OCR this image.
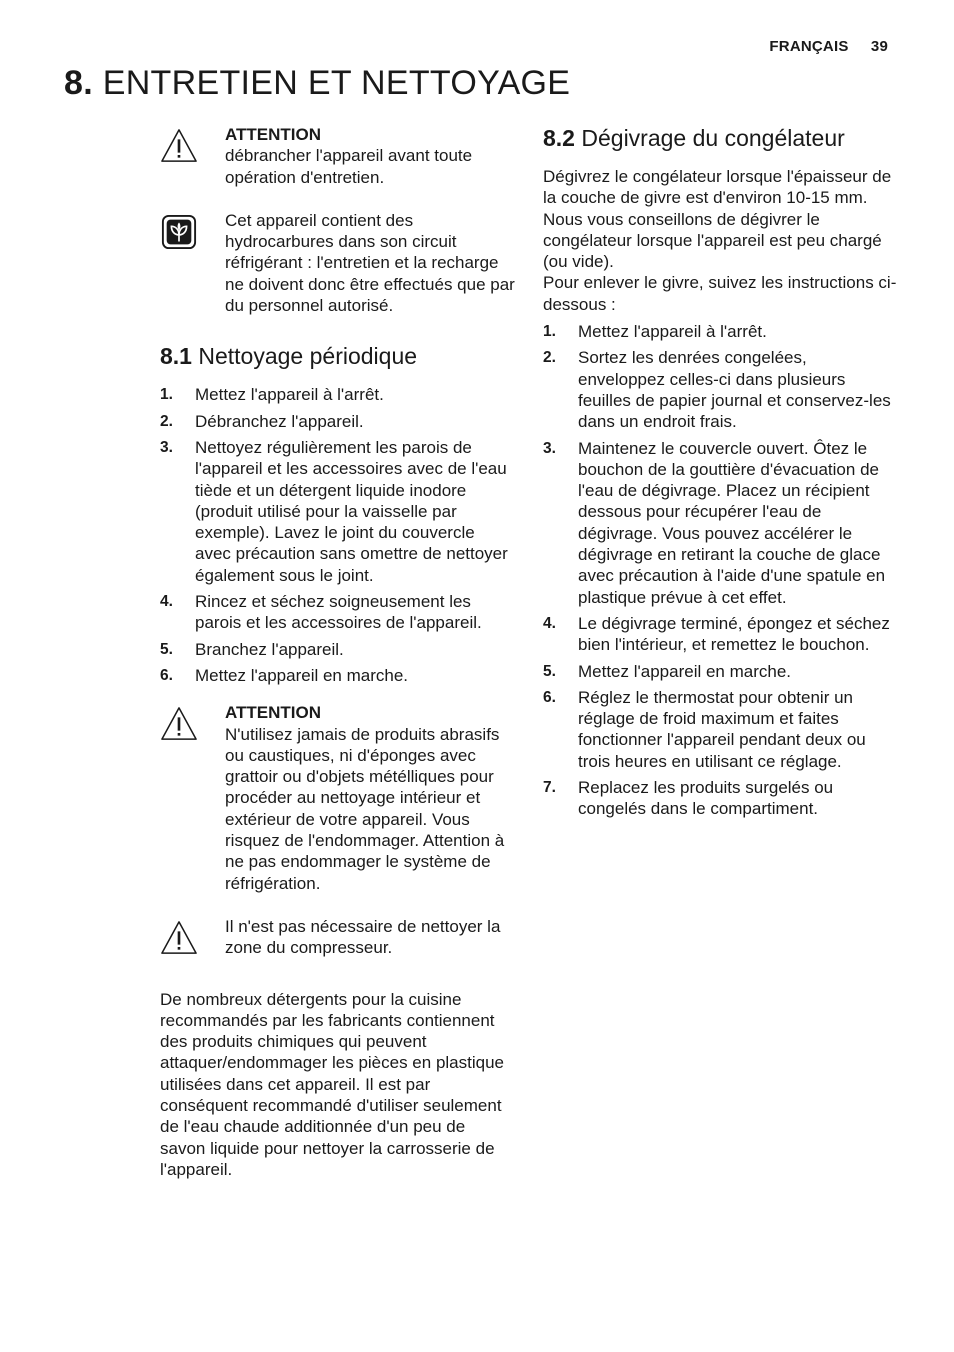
FRANÇAIS 39
8. ENTRETIEN ET NETTOYAGE
ATTENTION
débrancher l'appareil avant toute opération d'entretien.
Cet appareil contient des hydrocarbures dans son circuit réfrigérant : l'entretien et la recharge ne doivent donc être effectués que par du personnel autorisé.
8.1 Nettoyage périodique
1. Mettez l'appareil à l'arrêt.
2. Débranchez l'appareil.
3. Nettoyez régulièrement les parois de l'appareil et les accessoires avec de l'eau tiède et un détergent liquide inodore (produit utilisé pour la vaisselle par exemple). Lavez le joint du couvercle avec précaution sans omettre de nettoyer également sous le joint.
4. Rincez et séchez soigneusement les parois et les accessoires de l'appareil.
5. Branchez l'appareil.
6. Mettez l'appareil en marche.
ATTENTION
N'utilisez jamais de produits abrasifs ou caustiques, ni d'éponges avec grattoir ou d'objets métélliques pour procéder au nettoyage intérieur et extérieur de votre appareil. Vous risquez de l'endommager. Attention à ne pas endommager le système de réfrigération.
Il n'est pas nécessaire de nettoyer la zone du compresseur.

De nombreux détergents pour la cuisine recommandés par les fabricants contiennent des produits chimiques qui peuvent attaquer/endommager les pièces en plastique utilisées dans cet appareil. Il est par conséquent recommandé d'utiliser seulement de l'eau chaude additionnée d'un peu de savon liquide pour nettoyer la carrosserie de l'appareil.

8.2 Dégivrage du congélateur

Dégivrez le congélateur lorsque l'épaisseur de la couche de givre est d'environ 10-15 mm.

Nous vous conseillons de dégivrer le congélateur lorsque l'appareil est peu chargé (ou vide).

Pour enlever le givre, suivez les instructions ci-dessous :

1. Mettez l'appareil à l'arrêt.
2. Sortez les denrées congelées, enveloppez celles-ci dans plusieurs feuilles de papier journal et conservez-les dans un endroit frais.
3. Maintenez le couvercle ouvert. Ôtez le bouchon de la gouttière d'évacuation de l'eau de dégivrage. Placez un récipient dessous pour récupérer l'eau de dégivrage. Vous pouvez accélérer le dégivrage en retirant la couche de glace avec précaution à l'aide d'une spatule en plastique prévue à cet effet.
4. Le dégivrage terminé, épongez et séchez bien l'intérieur, et remettez le bouchon.
5. Mettez l'appareil en marche.
6. Réglez le thermostat pour obtenir un réglage de froid maximum et faites fonctionner l'appareil pendant deux ou trois heures en utilisant ce réglage.
7. Replacez les produits surgelés ou congelés dans le compartiment.
